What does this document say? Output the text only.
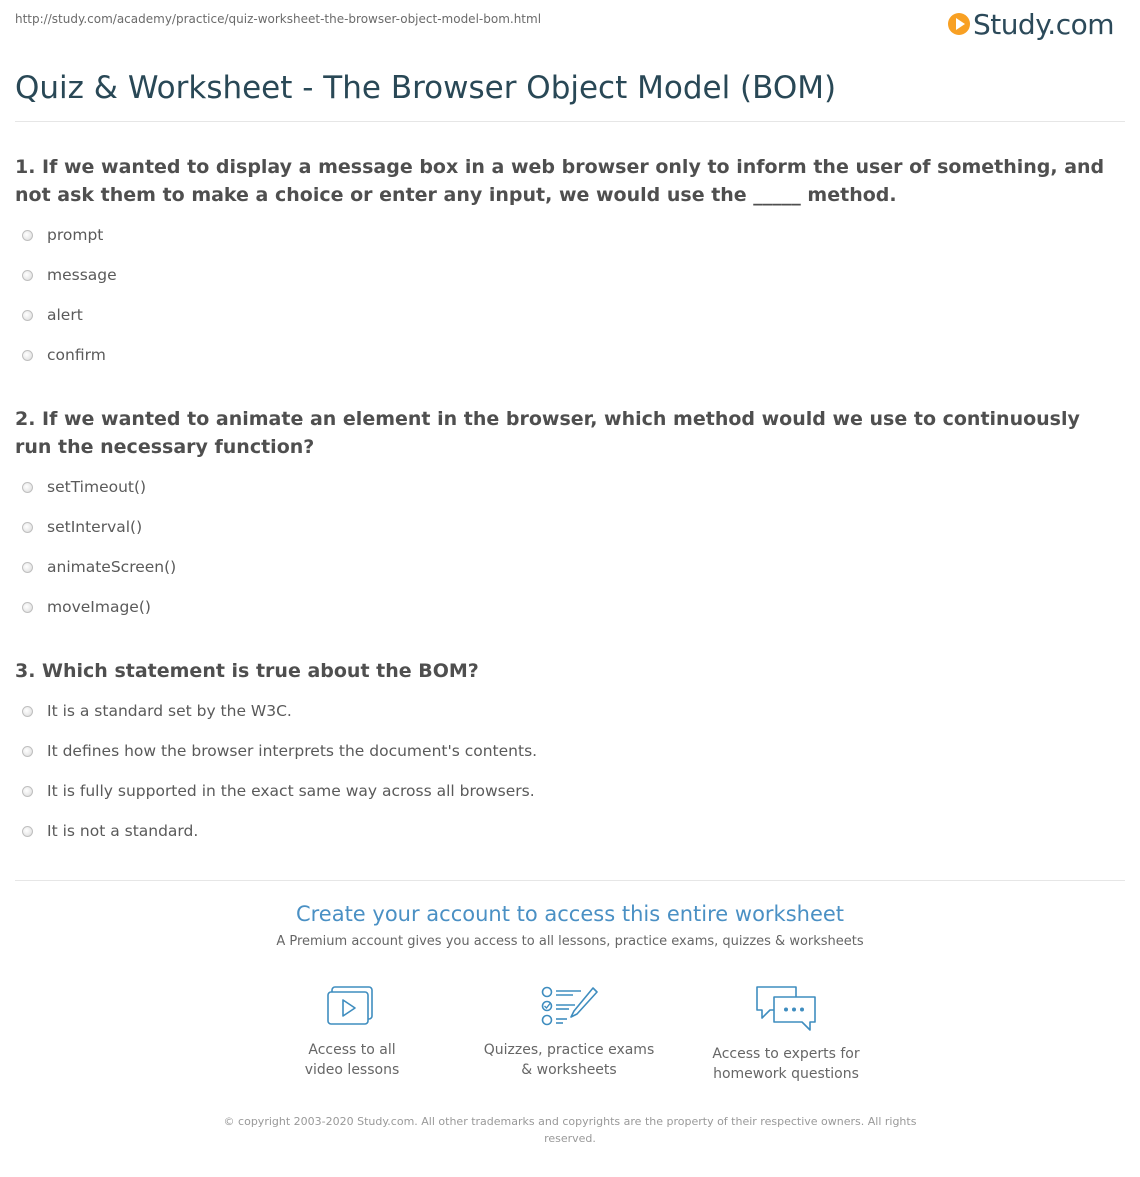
http://study.com/academy/practice/quiz-worksheet-the-browser-object-model-bom.html	Study.com
Quiz & Worksheet - The Browser Object Model (BOM)
1. If we wanted to display a message box in a web browser only to inform the user of something, and not ask them to make a choice or enter any input, we would use the _____ method.
prompt
message
alert
confirm
2. If we wanted to animate an element in the browser, which method would we use to continuously run the necessary function?
setTimeout()
setInterval()
animateScreen()
moveImage()
3. Which statement is true about the BOM?
It is a standard set by the W3C.
It defines how the browser interprets the document's contents.
It is fully supported in the exact same way across all browsers.
It is not a standard.
Create your account to access this entire worksheet
A Premium account gives you access to all lessons, practice exams, quizzes & worksheets
Access to all
video lessons
Quizzes, practice exams
& worksheets
Access to experts for
homework questions
© copyright 2003-2020 Study.com. All other trademarks and copyrights are the property of their respective owners. All rights reserved.
